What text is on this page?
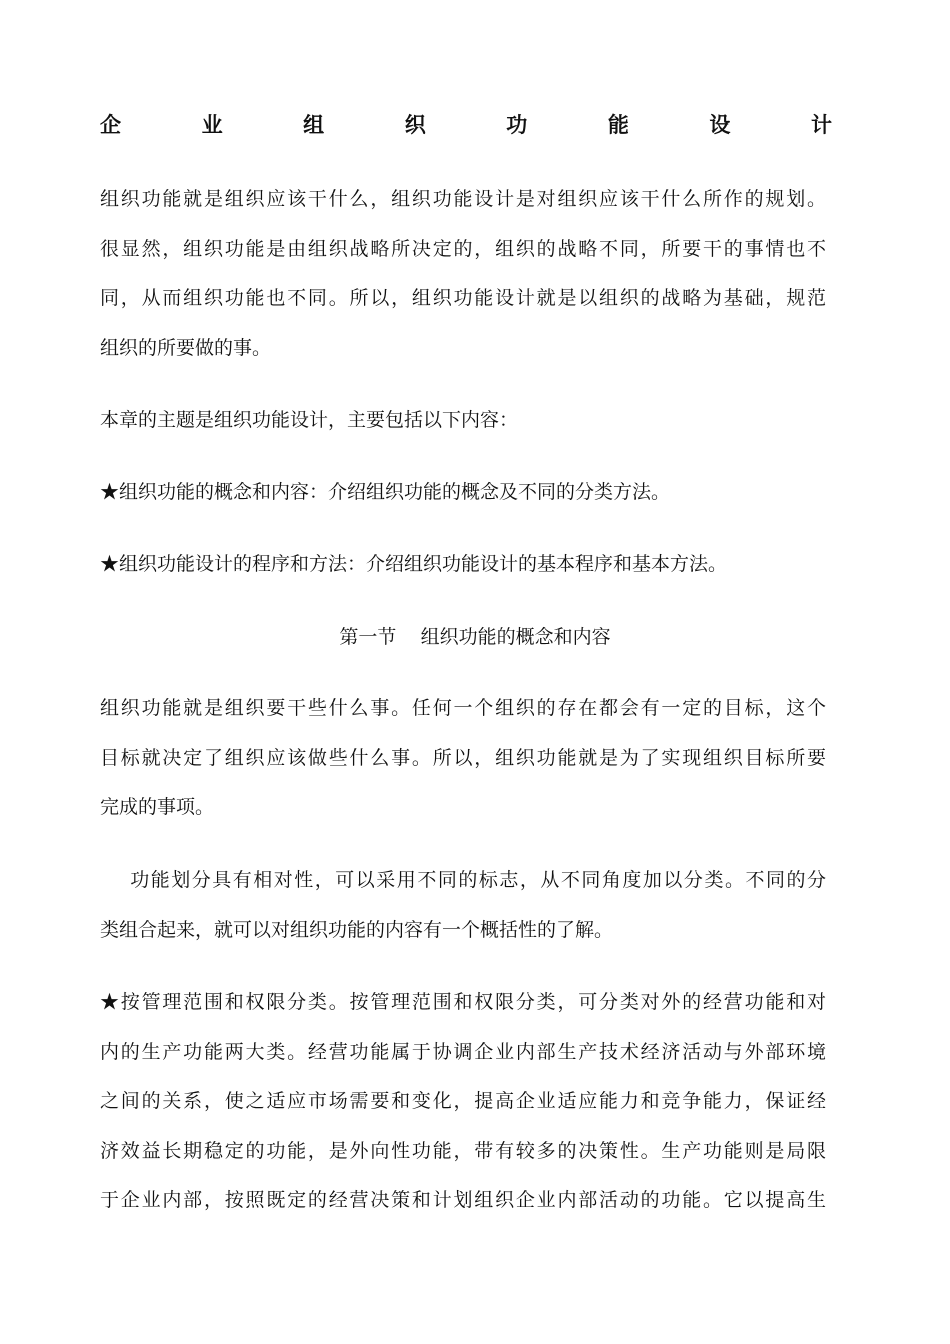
企	业	组	织	功	能	设	计
组织功能就是组织应该干什么，组织功能设计是对组织应该干什么所作的规划。
很显然，组织功能是由组织战略所决定的，组织的战略不同，所要干的事情也不
同，从而组织功能也不同。所以，组织功能设计就是以组织的战略为基础，规范
组织的所要做的事。
本章的主题是组织功能设计，主要包括以下内容：
★组织功能的概念和内容：介绍组织功能的概念及不同的分类方法。
★组织功能设计的程序和方法：介绍组织功能设计的基本程序和基本方法。
第一节    组织功能的概念和内容
组织功能就是组织要干些什么事。任何一个组织的存在都会有一定的目标，这个
目标就决定了组织应该做些什么事。所以，组织功能就是为了实现组织目标所要
完成的事项。
功能划分具有相对性，可以采用不同的标志，从不同角度加以分类。不同的分
类组合起来，就可以对组织功能的内容有一个概括性的了解。
★按管理范围和权限分类。按管理范围和权限分类，可分类对外的经营功能和对
内的生产功能两大类。经营功能属于协调企业内部生产技术经济活动与外部环境
之间的关系，使之适应市场需要和变化，提高企业适应能力和竞争能力，保证经
济效益长期稳定的功能，是外向性功能，带有较多的决策性。生产功能则是局限
于企业内部，按照既定的经营决策和计划组织企业内部活动的功能。它以提高生
